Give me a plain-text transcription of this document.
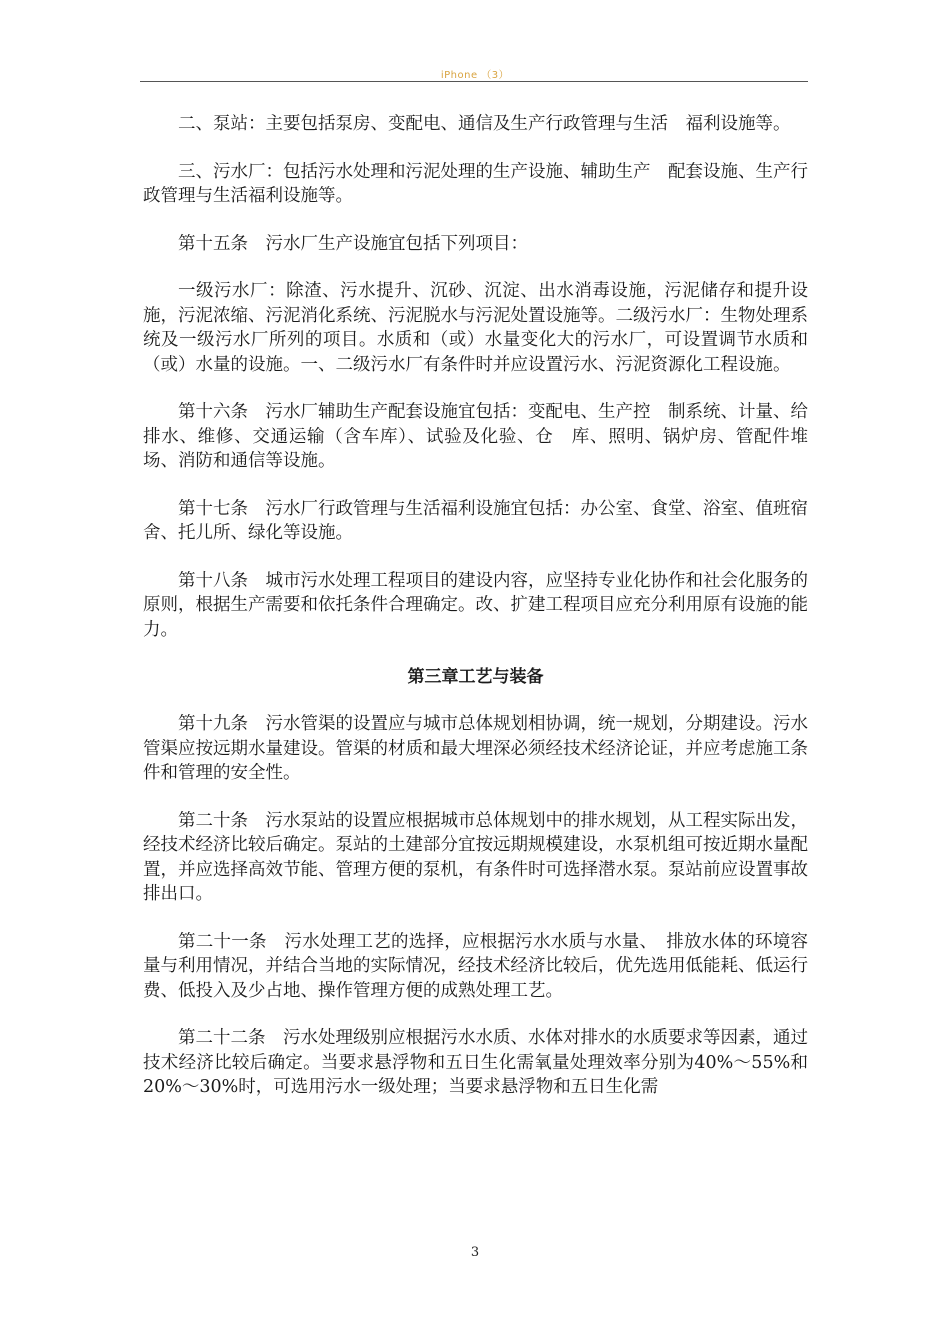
iPhone （3）

二、泵站：主要包括泵房、变配电、通信及生产行政管理与生活　福利设施等。

三、污水厂：包括污水处理和污泥处理的生产设施、辅助生产　配套设施、生产行政管理与生活福利设施等。

第十五条　污水厂生产设施宜包括下列项目：

一级污水厂：除渣、污水提升、沉砂、沉淀、出水消毒设施，污泥储存和提升设施，污泥浓缩、污泥消化系统、污泥脱水与污泥处置设施等。二级污水厂：生物处理系统及一级污水厂所列的项目。水质和（或）水量变化大的污水厂，可设置调节水质和（或）水量的设施。一、二级污水厂有条件时并应设置污水、污泥资源化工程设施。

第十六条　污水厂辅助生产配套设施宜包括：变配电、生产控　制系统、计量、给排水、维修、交通运输（含车库）、试验及化验、仓　库、照明、锅炉房、管配件堆场、消防和通信等设施。

第十七条　污水厂行政管理与生活福利设施宜包括：办公室、食堂、浴室、值班宿舍、托儿所、绿化等设施。

第十八条　城市污水处理工程项目的建设内容，应坚持专业化协作和社会化服务的原则，根据生产需要和依托条件合理确定。改、扩建工程项目应充分利用原有设施的能力。

第三章工艺与装备

第十九条　污水管渠的设置应与城市总体规划相协调，统一规划，分期建设。污水管渠应按远期水量建设。管渠的材质和最大埋深必须经技术经济论证，并应考虑施工条件和管理的安全性。

第二十条　污水泵站的设置应根据城市总体规划中的排水规划，从工程实际出发，经技术经济比较后确定。泵站的土建部分宜按远期规模建设，水泵机组可按近期水量配置，并应选择高效节能、管理方便的泵机，有条件时可选择潜水泵。泵站前应设置事故排出口。

第二十一条　污水处理工艺的选择，应根据污水水质与水量、　排放水体的环境容量与利用情况，并结合当地的实际情况，经技术经济比较后，优先选用低能耗、低运行费、低投入及少占地、操作管理方便的成熟处理工艺。

第二十二条　污水处理级别应根据污水水质、水体对排水的水质要求等因素，通过技术经济比较后确定。当要求悬浮物和五日生化需氧量处理效率分别为40%～55%和 20%～30%时，可选用污水一级处理；当要求悬浮物和五日生化需

3
